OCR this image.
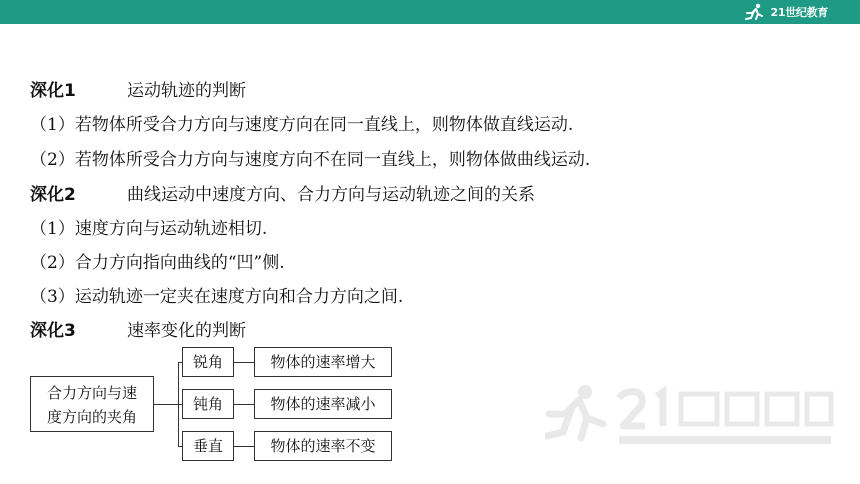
21世纪教育
深化1	运动轨迹的判断
（1）若物体所受合力方向与速度方向在同一直线上，则物体做直线运动.
（2）若物体所受合力方向与速度方向不在同一直线上，则物体做曲线运动.
深化2	曲线运动中速度方向、合力方向与运动轨迹之间的关系
（1）速度方向与运动轨迹相切.
（2）合力方向指向曲线的“凹”侧.
（3）运动轨迹一定夹在速度方向和合力方向之间.
深化3	速率变化的判断
合力方向与速
度方向的夹角
锐角
钝角
垂直
物体的速率增大
物体的速率减小
物体的速率不变
